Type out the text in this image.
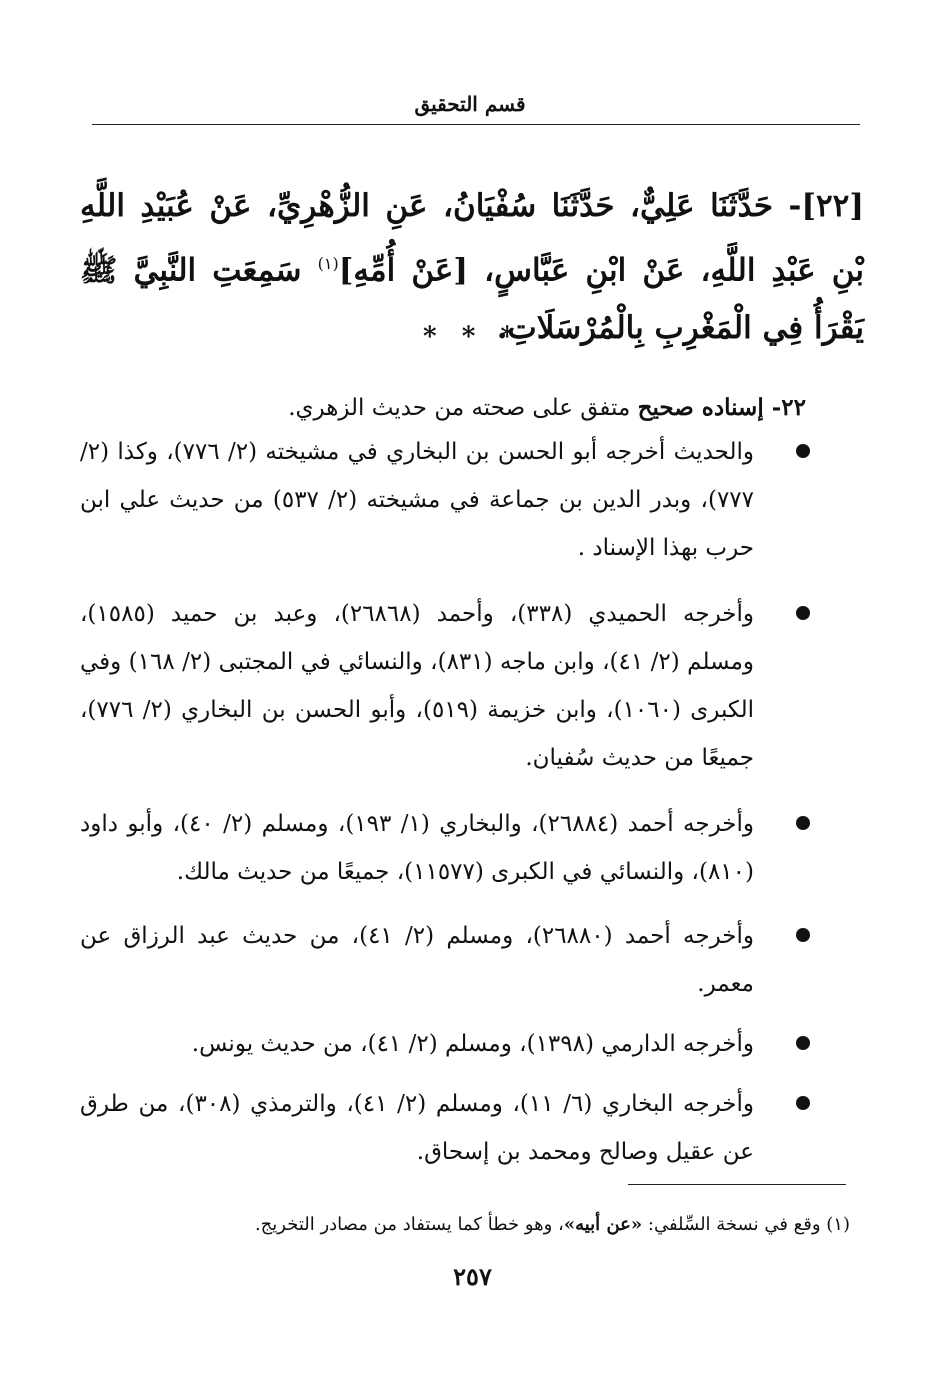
قسم التحقيق

[٢٢]- حَدَّثَنَا عَلِيٌّ، حَدَّثَنَا سُفْيَانُ، عَنِ الزُّهْرِيِّ، عَنْ عُبَيْدِ اللَّهِ بْنِ عَبْدِ اللَّهِ، عَنْ ابْنِ عَبَّاسٍ، [عَنْ أُمِّهِ]$^{(١)}$ سَمِعَتِ النَّبِيَّ ﷺ يَقْرَأُ فِي الْمَغْرِبِ بِالْمُرْسَلَاتِ.

* * *

٢٢- إسناده صحيح متفق على صحته من حديث الزهري.

والحديث أخرجه أبو الحسن بن البخاري في مشيخته (٢/ ٧٧٦)، وكذا (٢/ ٧٧٧)، وبدر الدين بن جماعة في مشيخته (٢/ ٥٣٧) من حديث علي ابن حرب بهذا الإسناد .
وأخرجه الحميدي (٣٣٨)، وأحمد (٢٦٨٦٨)، وعبد بن حميد (١٥٨٥)، ومسلم (٢/ ٤١)، وابن ماجه (٨٣١)، والنسائي في المجتبى (٢/ ١٦٨) وفي الكبرى (١٠٦٠)، وابن خزيمة (٥١٩)، وأبو الحسن بن البخاري (٢/ ٧٧٦)، جميعًا من حديث سُفيان.
وأخرجه أحمد (٢٦٨٨٤)، والبخاري (١/ ١٩٣)، ومسلم (٢/ ٤٠)، وأبو داود (٨١٠)، والنسائي في الكبرى (١١٥٧٧)، جميعًا من حديث مالك.
وأخرجه أحمد (٢٦٨٨٠)، ومسلم (٢/ ٤١)، من حديث عبد الرزاق عن معمر.
وأخرجه الدارمي (١٣٩٨)، ومسلم (٢/ ٤١)، من حديث يونس.
وأخرجه البخاري (٦/ ١١)، ومسلم (٢/ ٤١)، والترمذي (٣٠٨)، من طرق عن عقيل وصالح ومحمد بن إسحاق.

(١) وقع في نسخة السِّلفي: «عن أبيه»، وهو خطأ كما يستفاد من مصادر التخريج.

٢٥٧
